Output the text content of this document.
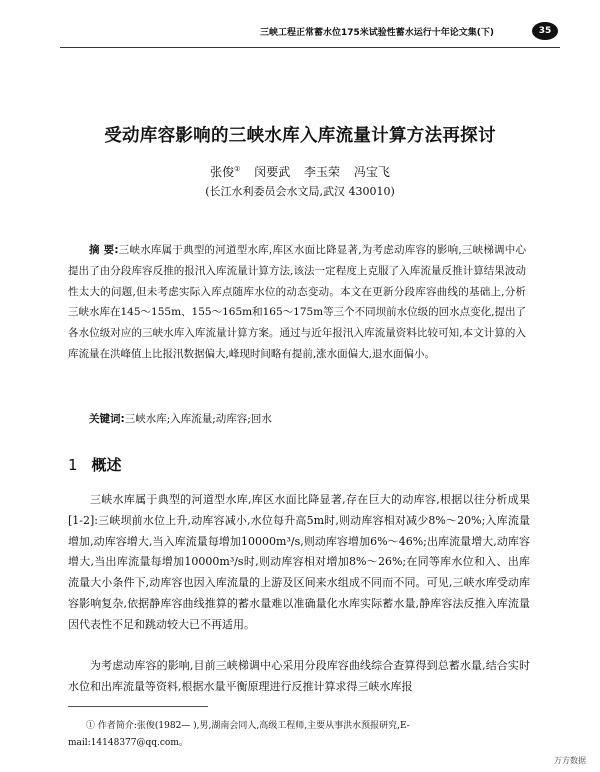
三峡工程正常蓄水位175米试验性蓄水运行十年论文集(下)	35
受动库容影响的三峡水库入库流量计算方法再探讨
张俊① 闵要武 李玉荣 冯宝飞
(长江水利委员会水文局,武汉 430010)
摘 要:三峡水库属于典型的河道型水库,库区水面比降显著,为考虑动库容的影响,三峡梯调中心提出了由分段库容反推的报汛入库流量计算方法,该法一定程度上克服了入库流量反推计算结果波动性太大的问题,但未考虑实际入库点随库水位的动态变动。本文在更新分段库容曲线的基础上,分析三峡水库在145～155m、155～165m和165～175m等三个不同坝前水位级的回水点变化,提出了各水位级对应的三峡水库入库流量计算方案。通过与近年报汛入库流量资料比较可知,本文计算的入库流量在洪峰值上比报汛数据偏大,峰现时间略有提前,涨水面偏大,退水面偏小。
关键词:三峡水库;入库流量;动库容;回水
1 概述
三峡水库属于典型的河道型水库,库区水面比降显著,存在巨大的动库容,根据以往分析成果[1-2]:三峡坝前水位上升,动库容减小,水位每升高5m时,则动库容相对减少8%～20%;入库流量增加,动库容增大,当入库流量每增加10000m³/s,则动库容增加6%～46%;出库流量增大,动库容增大,当出库流量每增加10000m³/s时,则动库容相对增加8%～26%;在同等库水位和入、出库流量大小条件下,动库容也因入库流量的上游及区间来水组成不同而不同。可见,三峡水库受动库容影响复杂,依据静库容曲线推算的蓄水量难以准确量化水库实际蓄水量,静库容法反推入库流量因代表性不足和跳动较大已不再适用。
为考虑动库容的影响,目前三峡梯调中心采用分段库容曲线综合查算得到总蓄水量,结合实时水位和出库流量等资料,根据水量平衡原理进行反推计算求得三峡水库报
① 作者简介:张俊(1982— ),男,湖南会同人,高级工程师,主要从事洪水预报研究,E-mail:14148377@qq.com。
万方数据
